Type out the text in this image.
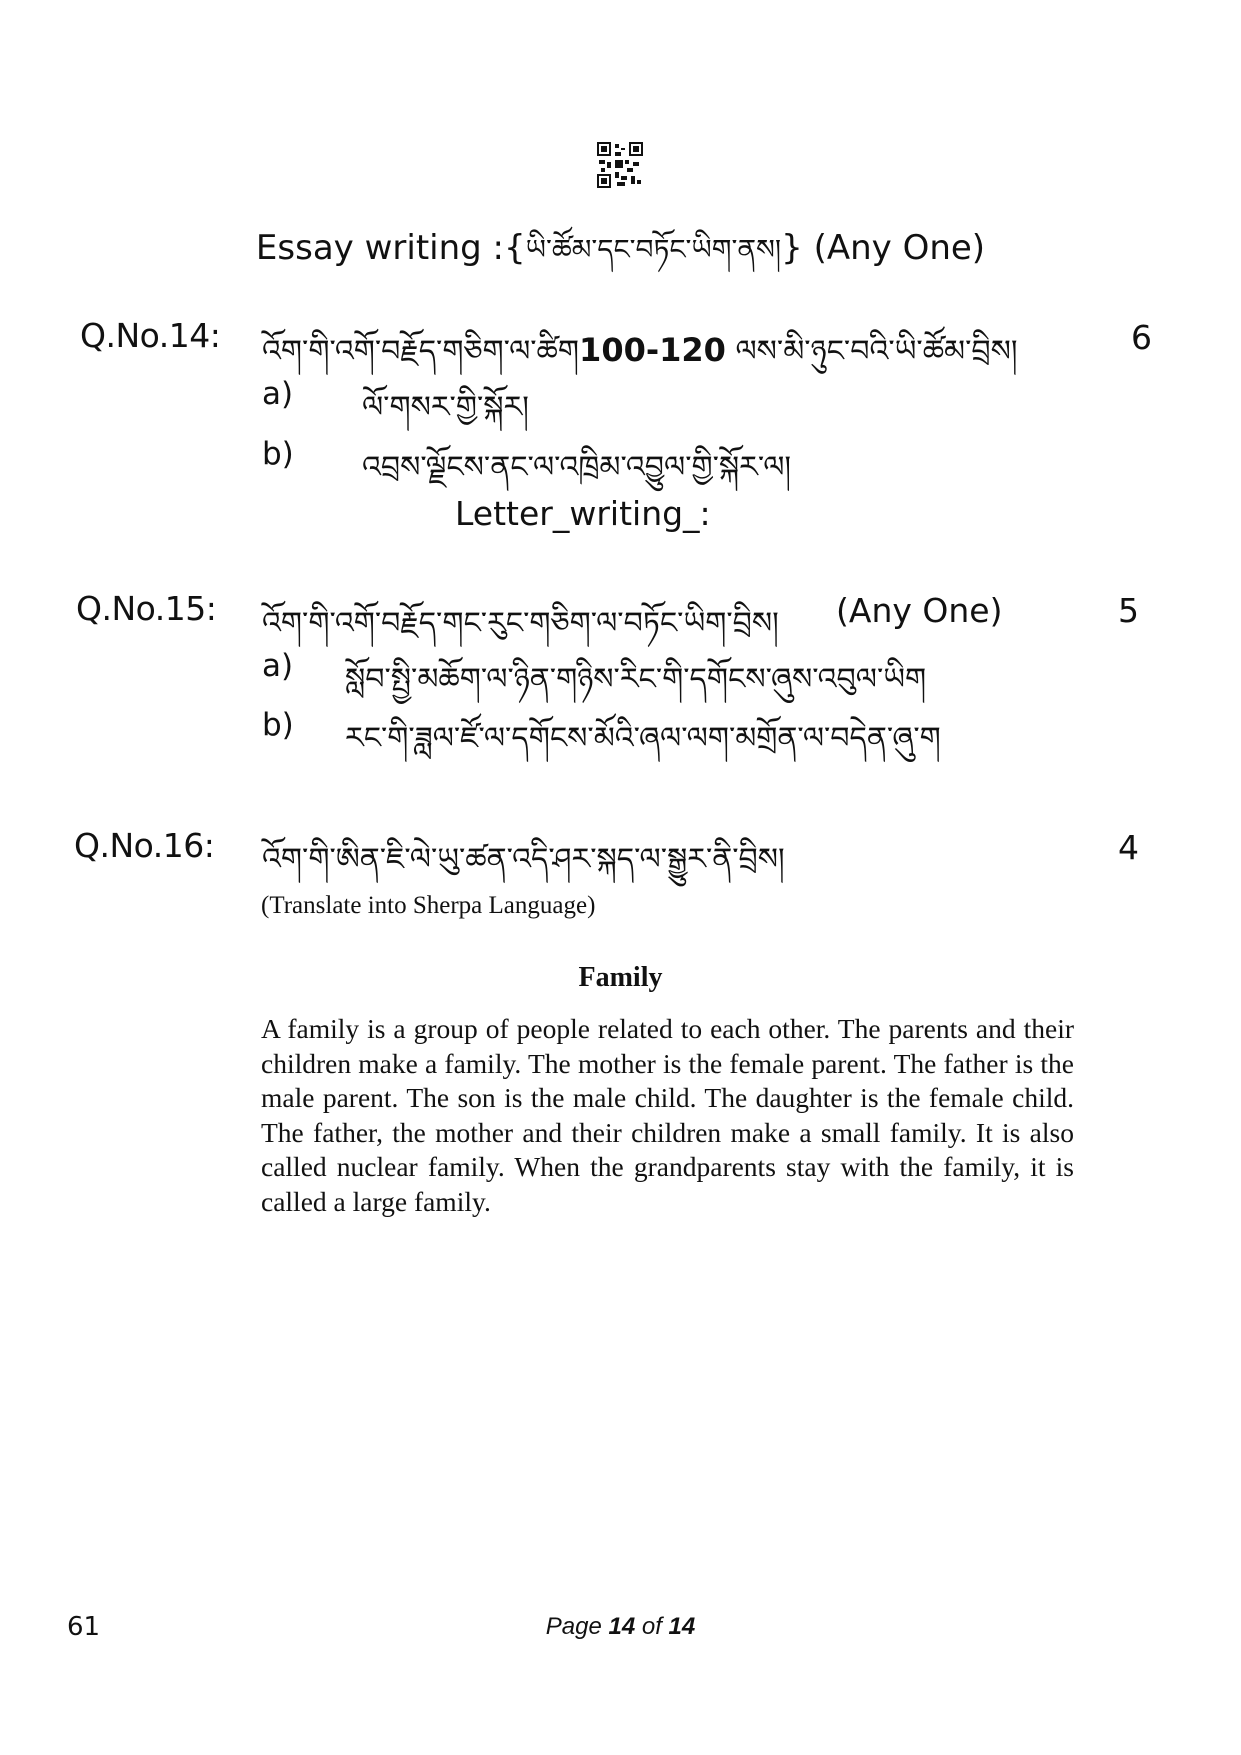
Essay writing :{ཡི་ཚོམ་དང་བཏོང་ཡིག་ནས།} (Any One)
Q.No.14: འོག་གི་འགོ་བརྗོད་གཅིག་ལ་ཚིག100-120 ལས་མི་ཉུང་བའི་ཡི་ཚོམ་བྲིས།	6
a) ལོ་གསར་གྱི་སྐོར།
b) འབྲས་ལྗོངས་ནང་ལ་འཁྲིམ་འབྱུལ་གྱི་སྐོར་ལ།
Letter_writing_:
Q.No.15: འོག་གི་འགོ་བརྗོད་གང་རུང་གཅིག་ལ་བཏོང་ཡིག་བྲིས། (Any One)	5
a) སློབ་སྤྱི་མཆོག་ལ་ཉིན་གཉིས་རིང་གི་དགོངས་ཞུས་འབུལ་ཡིག
b) རང་གི་ཟླལ་ཛོ་ལ་དགོངས་མོའི་ཞལ་ལག་མགྲོན་ལ་བདེན་ཞུ་ག
Q.No.16: འོག་གི་ཨིན་ཇི་ལེ་ཡུ་ཚན་འདི་ཤར་སྐད་ལ་སྒྱུར་ནི་བྲིས།	4
(Translate into Sherpa Language)
Family
A family is a group of people related to each other. The parents and their children make a family. The mother is the female parent. The father is the male parent. The son is the male child. The daughter is the female child. The father, the mother and their children make a small family. It is also called nuclear family. When the grandparents stay with the family, it is called a large family.
61	Page 14 of 14
